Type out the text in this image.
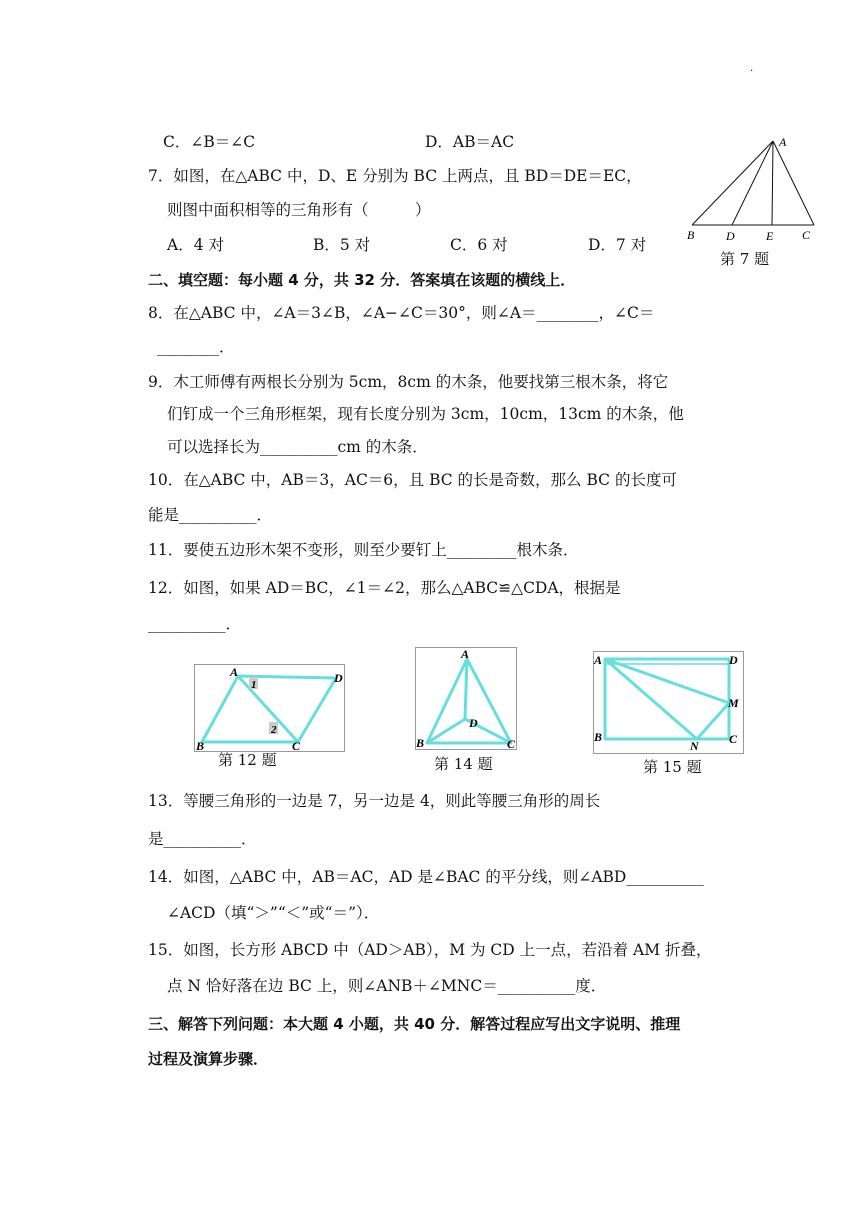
·
C．∠B＝∠C	D．AB＝AC
7．如图，在△ABC 中，D、E 分别为 BC 上两点，且 BD＝DE＝EC，
则图中面积相等的三角形有（　　　）
A．4 对	B．5 对	C．6 对	D．7 对
A
B	D	E C
第 7 题
二、填空题：每小题 4 分，共 32 分．答案填在该题的横线上．
8．在△ABC 中，∠A＝3∠B，∠A−∠C＝30°，则∠A＝________，∠C＝
________．
9．木工师傅有两根长分别为 5cm，8cm 的木条，他要找第三根木条，将它
们钉成一个三角形框架，现有长度分别为 3cm，10cm，13cm 的木条，他
可以选择长为__________cm 的木条．
10．在△ABC 中，AB＝3，AC＝6，且 BC 的长是奇数，那么 BC 的长度可
能是__________．
11．要使五边形木架不变形，则至少要钉上_________根木条．
12．如图，如果 AD＝BC，∠1＝∠2，那么△ABC≌△CDA，根据是
__________．
A	D
B	C
1
2
第 12 题
A
D
B	C
第 14 题
A	D
M
B
N	C
第 15 题
13．等腰三角形的一边是 7，另一边是 4，则此等腰三角形的周长
是__________．
14．如图，△ABC 中，AB＝AC，AD 是∠BAC 的平分线，则∠ABD__________
∠ACD（填“＞”“＜”或“＝”）．
15．如图，长方形 ABCD 中（AD＞AB），M 为 CD 上一点，若沿着 AM 折叠，
点 N 恰好落在边 BC 上，则∠ANB＋∠MNC＝__________度．
三、解答下列问题：本大题 4 小题，共 40 分．解答过程应写出文字说明、推理
过程及演算步骤．
